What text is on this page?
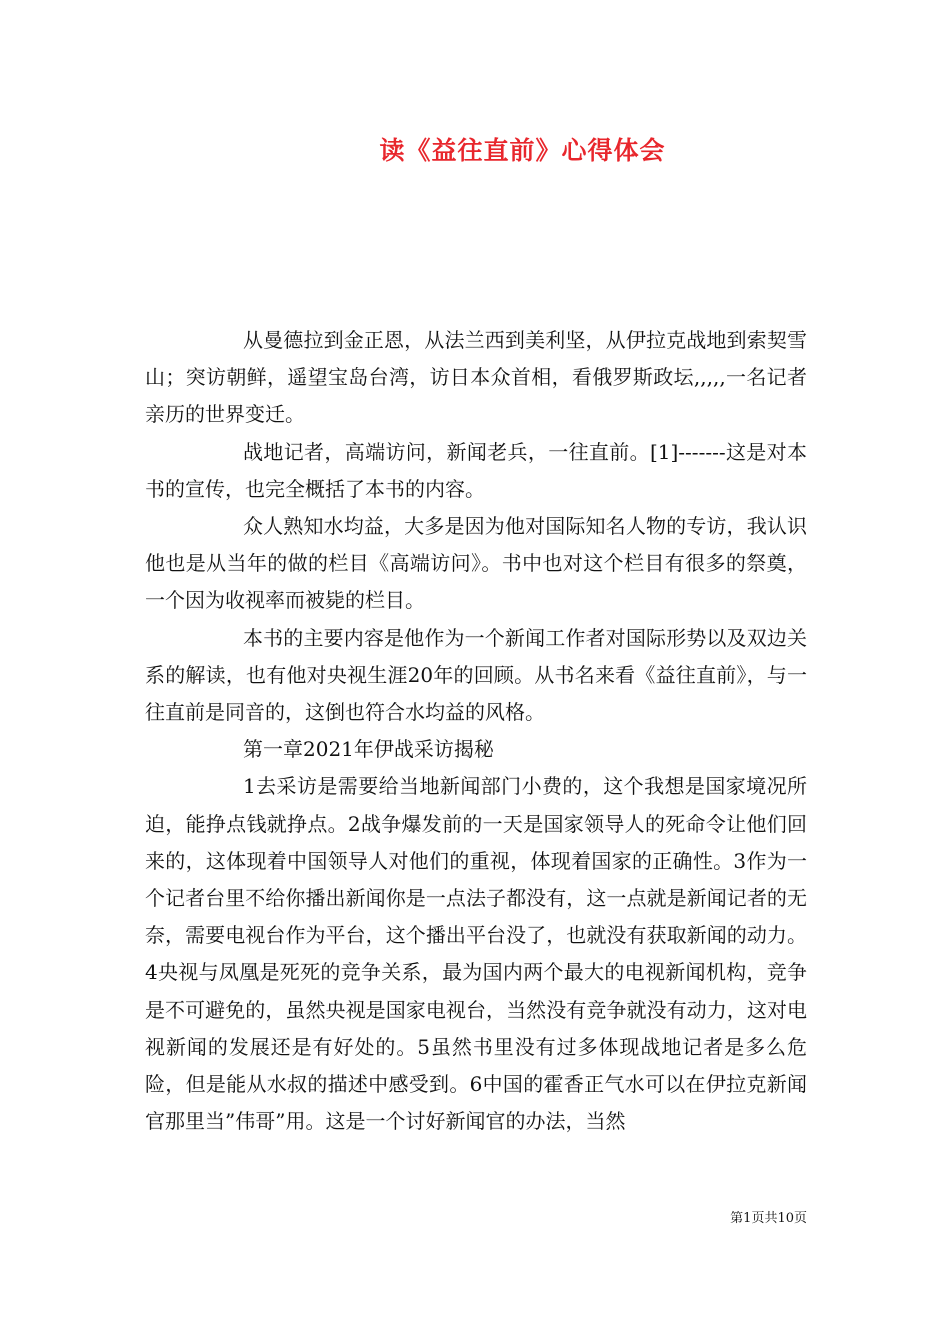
读《益往直前》心得体会

从曼德拉到金正恩，从法兰西到美利坚，从伊拉克战地到索契雪山；突访朝鲜，遥望宝岛台湾，访日本众首相，看俄罗斯政坛,,,,,一名记者亲历的世界变迁。

战地记者，高端访问，新闻老兵，一往直前。[1]-------这是对本书的宣传，也完全概括了本书的内容。

众人熟知水均益，大多是因为他对国际知名人物的专访，我认识他也是从当年的做的栏目《高端访问》。书中也对这个栏目有很多的祭奠，一个因为收视率而被毙的栏目。

本书的主要内容是他作为一个新闻工作者对国际形势以及双边关系的解读，也有他对央视生涯20年的回顾。从书名来看《益往直前》，与一往直前是同音的，这倒也符合水均益的风格。

第一章2021年伊战采访揭秘

1去采访是需要给当地新闻部门小费的，这个我想是国家境况所迫，能挣点钱就挣点。2战争爆发前的一天是国家领导人的死命令让他们回来的，这体现着中国领导人对他们的重视，体现着国家的正确性。3作为一个记者台里不给你播出新闻你是一点法子都没有，这一点就是新闻记者的无奈，需要电视台作为平台，这个播出平台没了，也就没有获取新闻的动力。4央视与凤凰是死死的竞争关系，最为国内两个最大的电视新闻机构，竞争是不可避免的，虽然央视是国家电视台，当然没有竞争就没有动力，这对电视新闻的发展还是有好处的。5虽然书里没有过多体现战地记者是多么危险，但是能从水叔的描述中感受到。6中国的霍香正气水可以在伊拉克新闻官那里当”伟哥”用。这是一个讨好新闻官的办法，当然

第1页共10页
